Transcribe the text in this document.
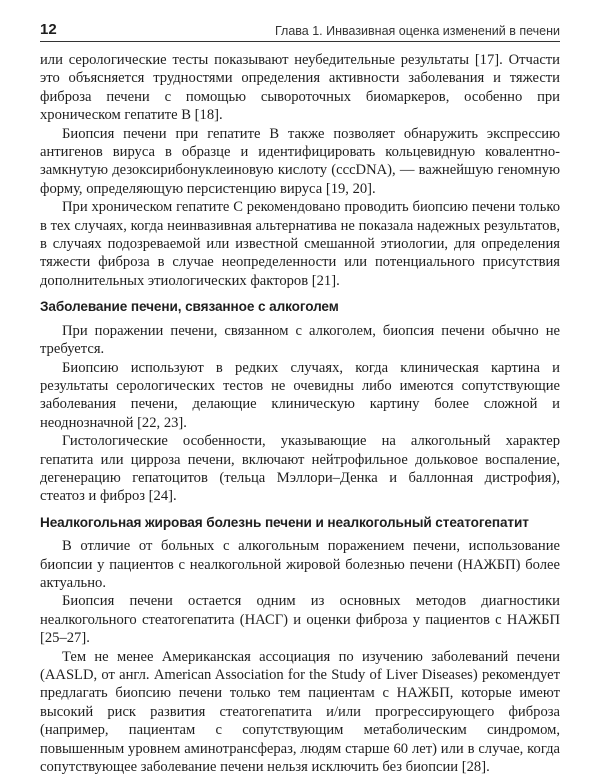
12	Глава 1. Инвазивная оценка изменений в печени

или серологические тесты показывают неубедительные результаты [17]. Отчасти это объясняется трудностями определения активности заболевания и тяжести фиброза печени с помощью сывороточных биомаркеров, особенно при хроническом гепатите В [18].

Биопсия печени при гепатите В также позволяет обнаружить экспрессию антигенов вируса в образце и идентифицировать кольцевидную ковалентно-замкнутую дезоксирибонуклеиновую кислоту (cccDNA), — важнейшую геномную форму, определяющую персистенцию вируса [19, 20].

При хроническом гепатите С рекомендовано проводить биопсию печени только в тех случаях, когда неинвазивная альтернатива не показала надежных результатов, в случаях подозреваемой или известной смешанной этиологии, для определения тяжести фиброза в случае неопределенности или потенциального присутствия дополнительных этиологических факторов [21].

Заболевание печени, связанное с алкоголем

При поражении печени, связанном с алкоголем, биопсия печени обычно не требуется.

Биопсию используют в редких случаях, когда клиническая картина и результаты серологических тестов не очевидны либо имеются сопутствующие заболевания печени, делающие клиническую картину более сложной и неоднозначной [22, 23].

Гистологические особенности, указывающие на алкогольный характер гепатита или цирроза печени, включают нейтрофильное дольковое воспаление, дегенерацию гепатоцитов (тельца Мэллори–Денка и баллонная дистрофия), стеатоз и фиброз [24].

Неалкогольная жировая болезнь печени и неалкогольный стеатогепатит

В отличие от больных с алкогольным поражением печени, использование биопсии у пациентов с неалкогольной жировой болезнью печени (НАЖБП) более актуально.

Биопсия печени остается одним из основных методов диагностики неалкогольного стеатогепатита (НАСГ) и оценки фиброза у пациентов с НАЖБП [25–27].

Тем не менее Американская ассоциация по изучению заболеваний печени (AASLD, от англ. American Association for the Study of Liver Diseases) рекомендует предлагать биопсию печени только тем пациентам с НАЖБП, которые имеют высокий риск развития стеатогепатита и/или прогрессирующего фиброза (например, пациентам с сопутствующим метаболическим синдромом, повышенным уровнем аминотрансфераз, людям старше 60 лет) или в случае, когда сопутствующее заболевание печени нельзя исключить без биопсии [28].
